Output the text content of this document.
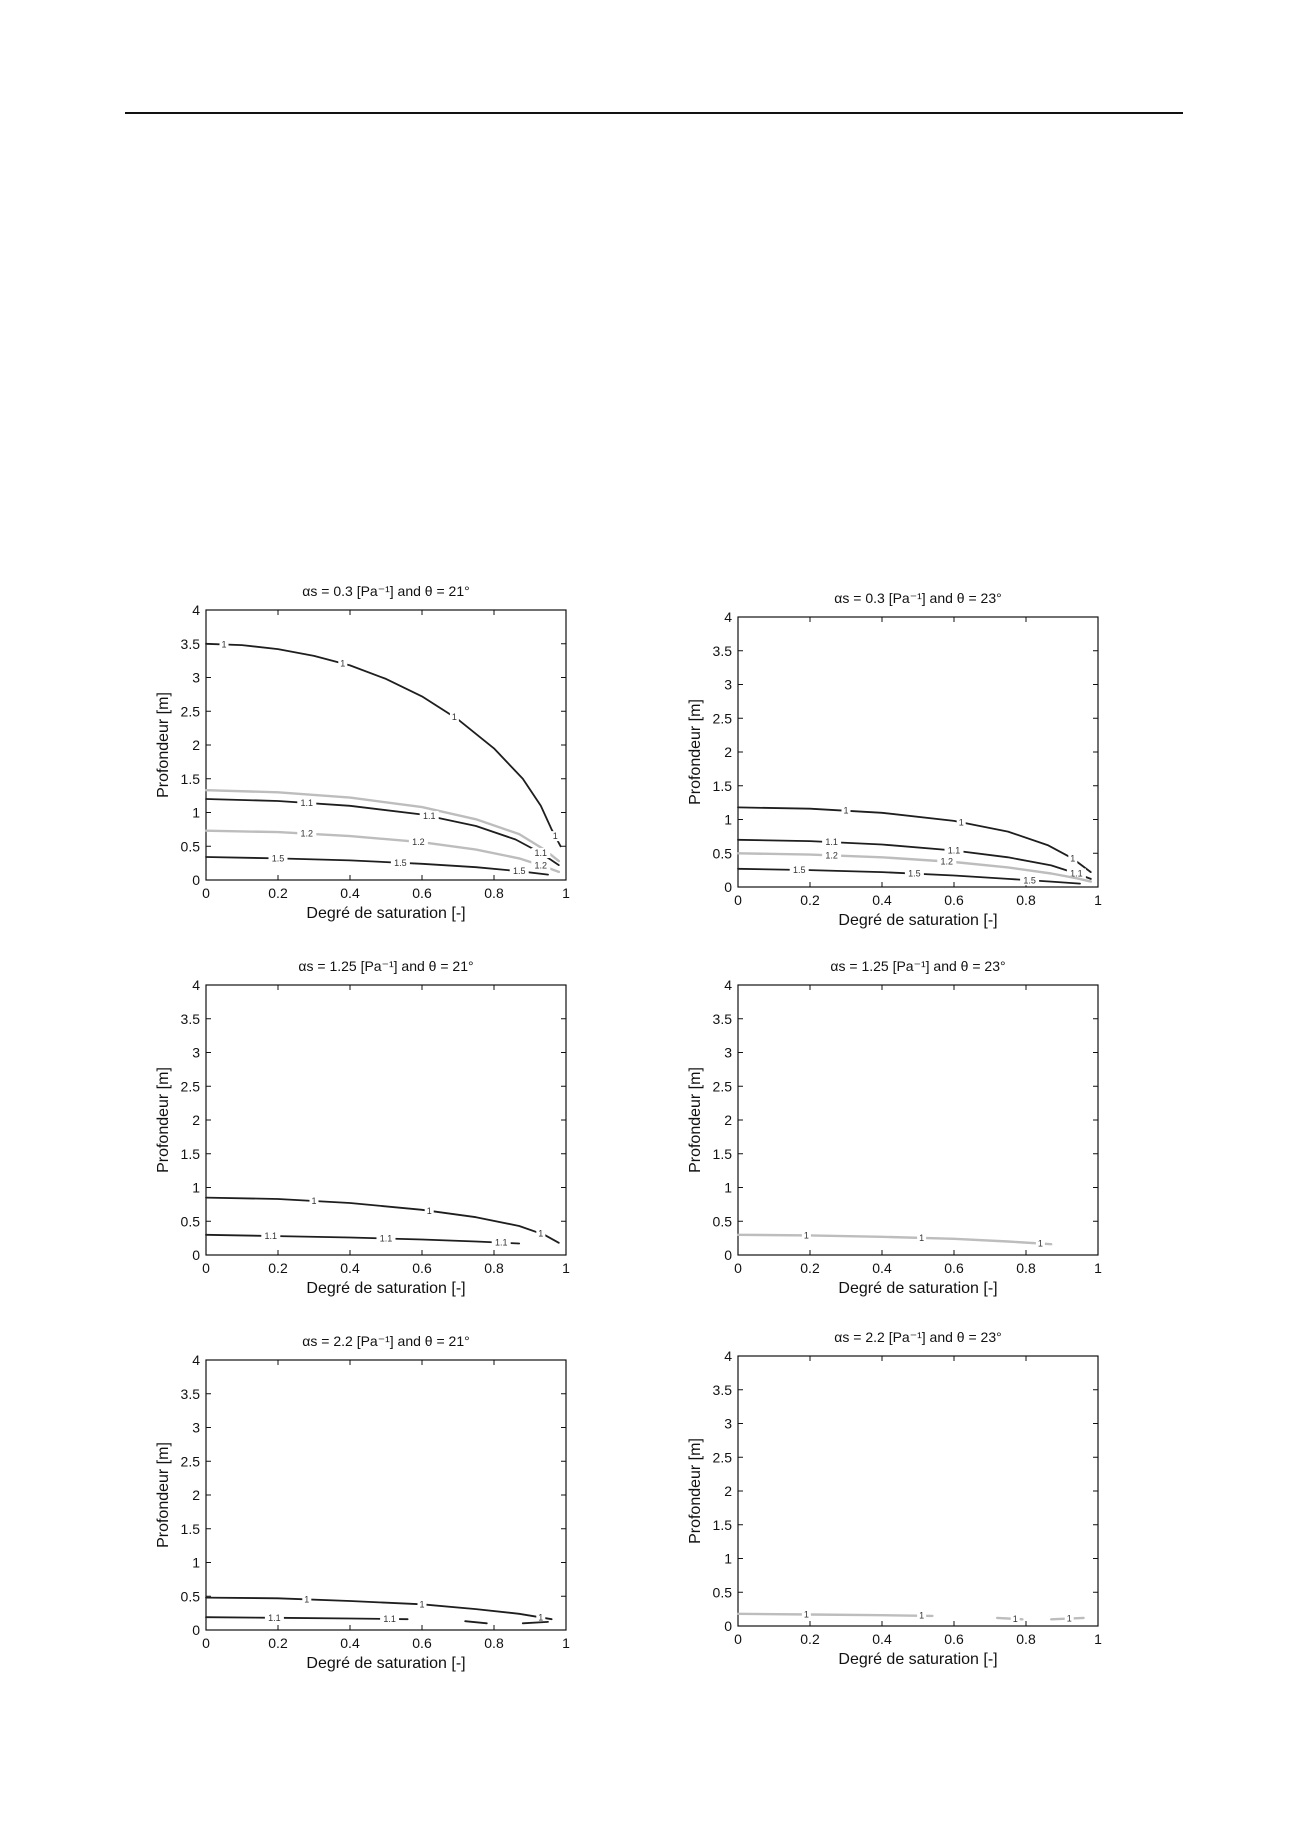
αs = 0.3 [Pa⁻¹] and θ = 21°
0	0.2	0.4	0.6	0.8	1
0
0.5
1
1.5
2
2.5
3
3.5
4
Degré de saturation [-]
Profondeur [m]
1
1
1
1
1.1
1.1
1.1
1.2
1.2
1.2
1.5	1.5
1.5
αs = 0.3 [Pa⁻¹] and θ = 23°
0	0.2	0.4	0.6	0.8	1
0
0.5
1
1.5
2
2.5
3
3.5
4
Degré de saturation [-]
Profondeur [m]
1
1
1
1.1
1.1
1.1
1.2
1.2
1.5	1.5
1.5
αs = 1.25 [Pa⁻¹] and θ = 21°
0	0.2	0.4	0.6	0.8	1
0
0.5
1
1.5
2
2.5
3
3.5
4
Degré de saturation [-]
Profondeur [m]
1
1
1
1.1	1.1	1.1
αs = 1.25 [Pa⁻¹] and θ = 23°
0	0.2	0.4	0.6	0.8	1
0
0.5
1
1.5
2
2.5
3
3.5
4
Degré de saturation [-]
Profondeur [m]
1	1
1
αs = 2.2 [Pa⁻¹] and θ = 21°
0	0.2	0.4	0.6	0.8	1
0
0.5
1
1.5
2
2.5
3
3.5
4
Degré de saturation [-]
Profondeur [m]
1	1
1
1.1	1.1
αs = 2.2 [Pa⁻¹] and θ = 23°
0	0.2	0.4	0.6	0.8	1
0
0.5
1
1.5
2
2.5
3
3.5
4
Degré de saturation [-]
Profondeur [m]
1	1	1	1
